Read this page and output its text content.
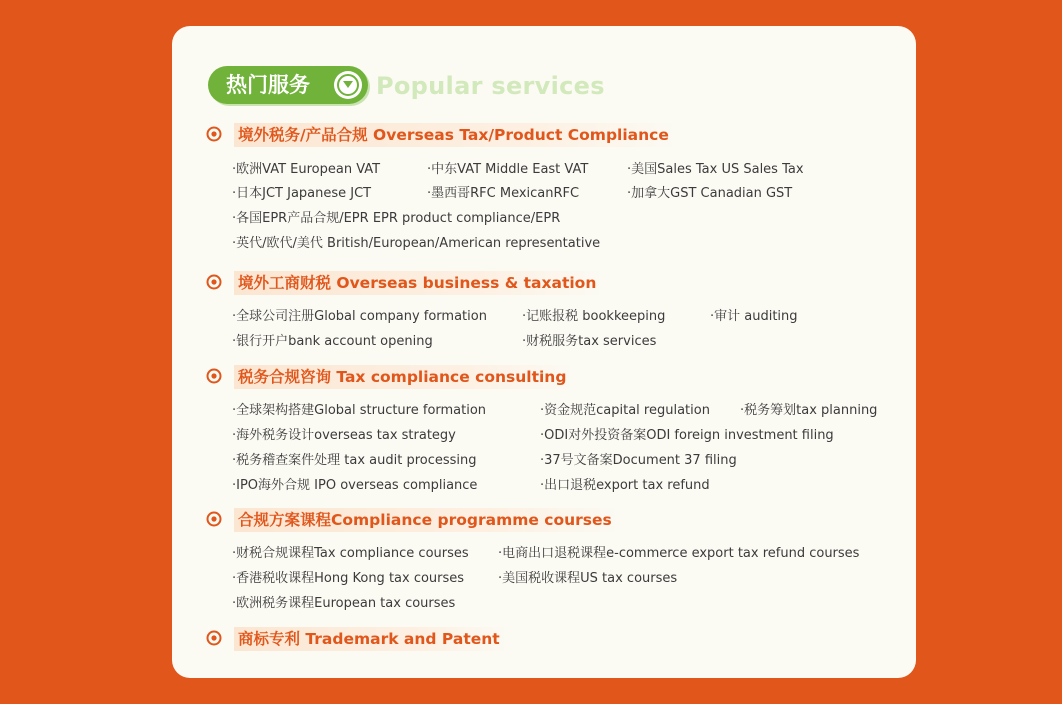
热门服务	Popular services
境外税务/产品合规 Overseas Tax/Product Compliance
·欧洲VAT European VAT	·中东VAT Middle East VAT	·美国Sales Tax US Sales Tax
·日本JCT Japanese JCT	·墨西哥RFC MexicanRFC	·加拿大GST Canadian GST
·各国EPR产品合规/EPR EPR product compliance/EPR
·英代/欧代/美代 British/European/American representative
境外工商财税 Overseas business & taxation
·全球公司注册Global company formation	·记账报税 bookkeeping	·审计 auditing
·银行开户bank account opening	·财税服务tax services
税务合规咨询 Tax compliance consulting
·全球架构搭建Global structure formation	·资金规范capital regulation ·税务筹划tax planning
·海外税务设计overseas tax strategy	·ODI对外投资备案ODI foreign investment filing
·税务稽查案件处理 tax audit processing	·37号文备案Document 37 filing
·IPO海外合规 IPO overseas compliance	·出口退税export tax refund
合规方案课程Compliance programme courses
·财税合规课程Tax compliance courses ·电商出口退税课程e-commerce export tax refund courses
·香港税收课程Hong Kong tax courses	·美国税收课程US tax courses
·欧洲税务课程European tax courses
商标专利 Trademark and Patent
